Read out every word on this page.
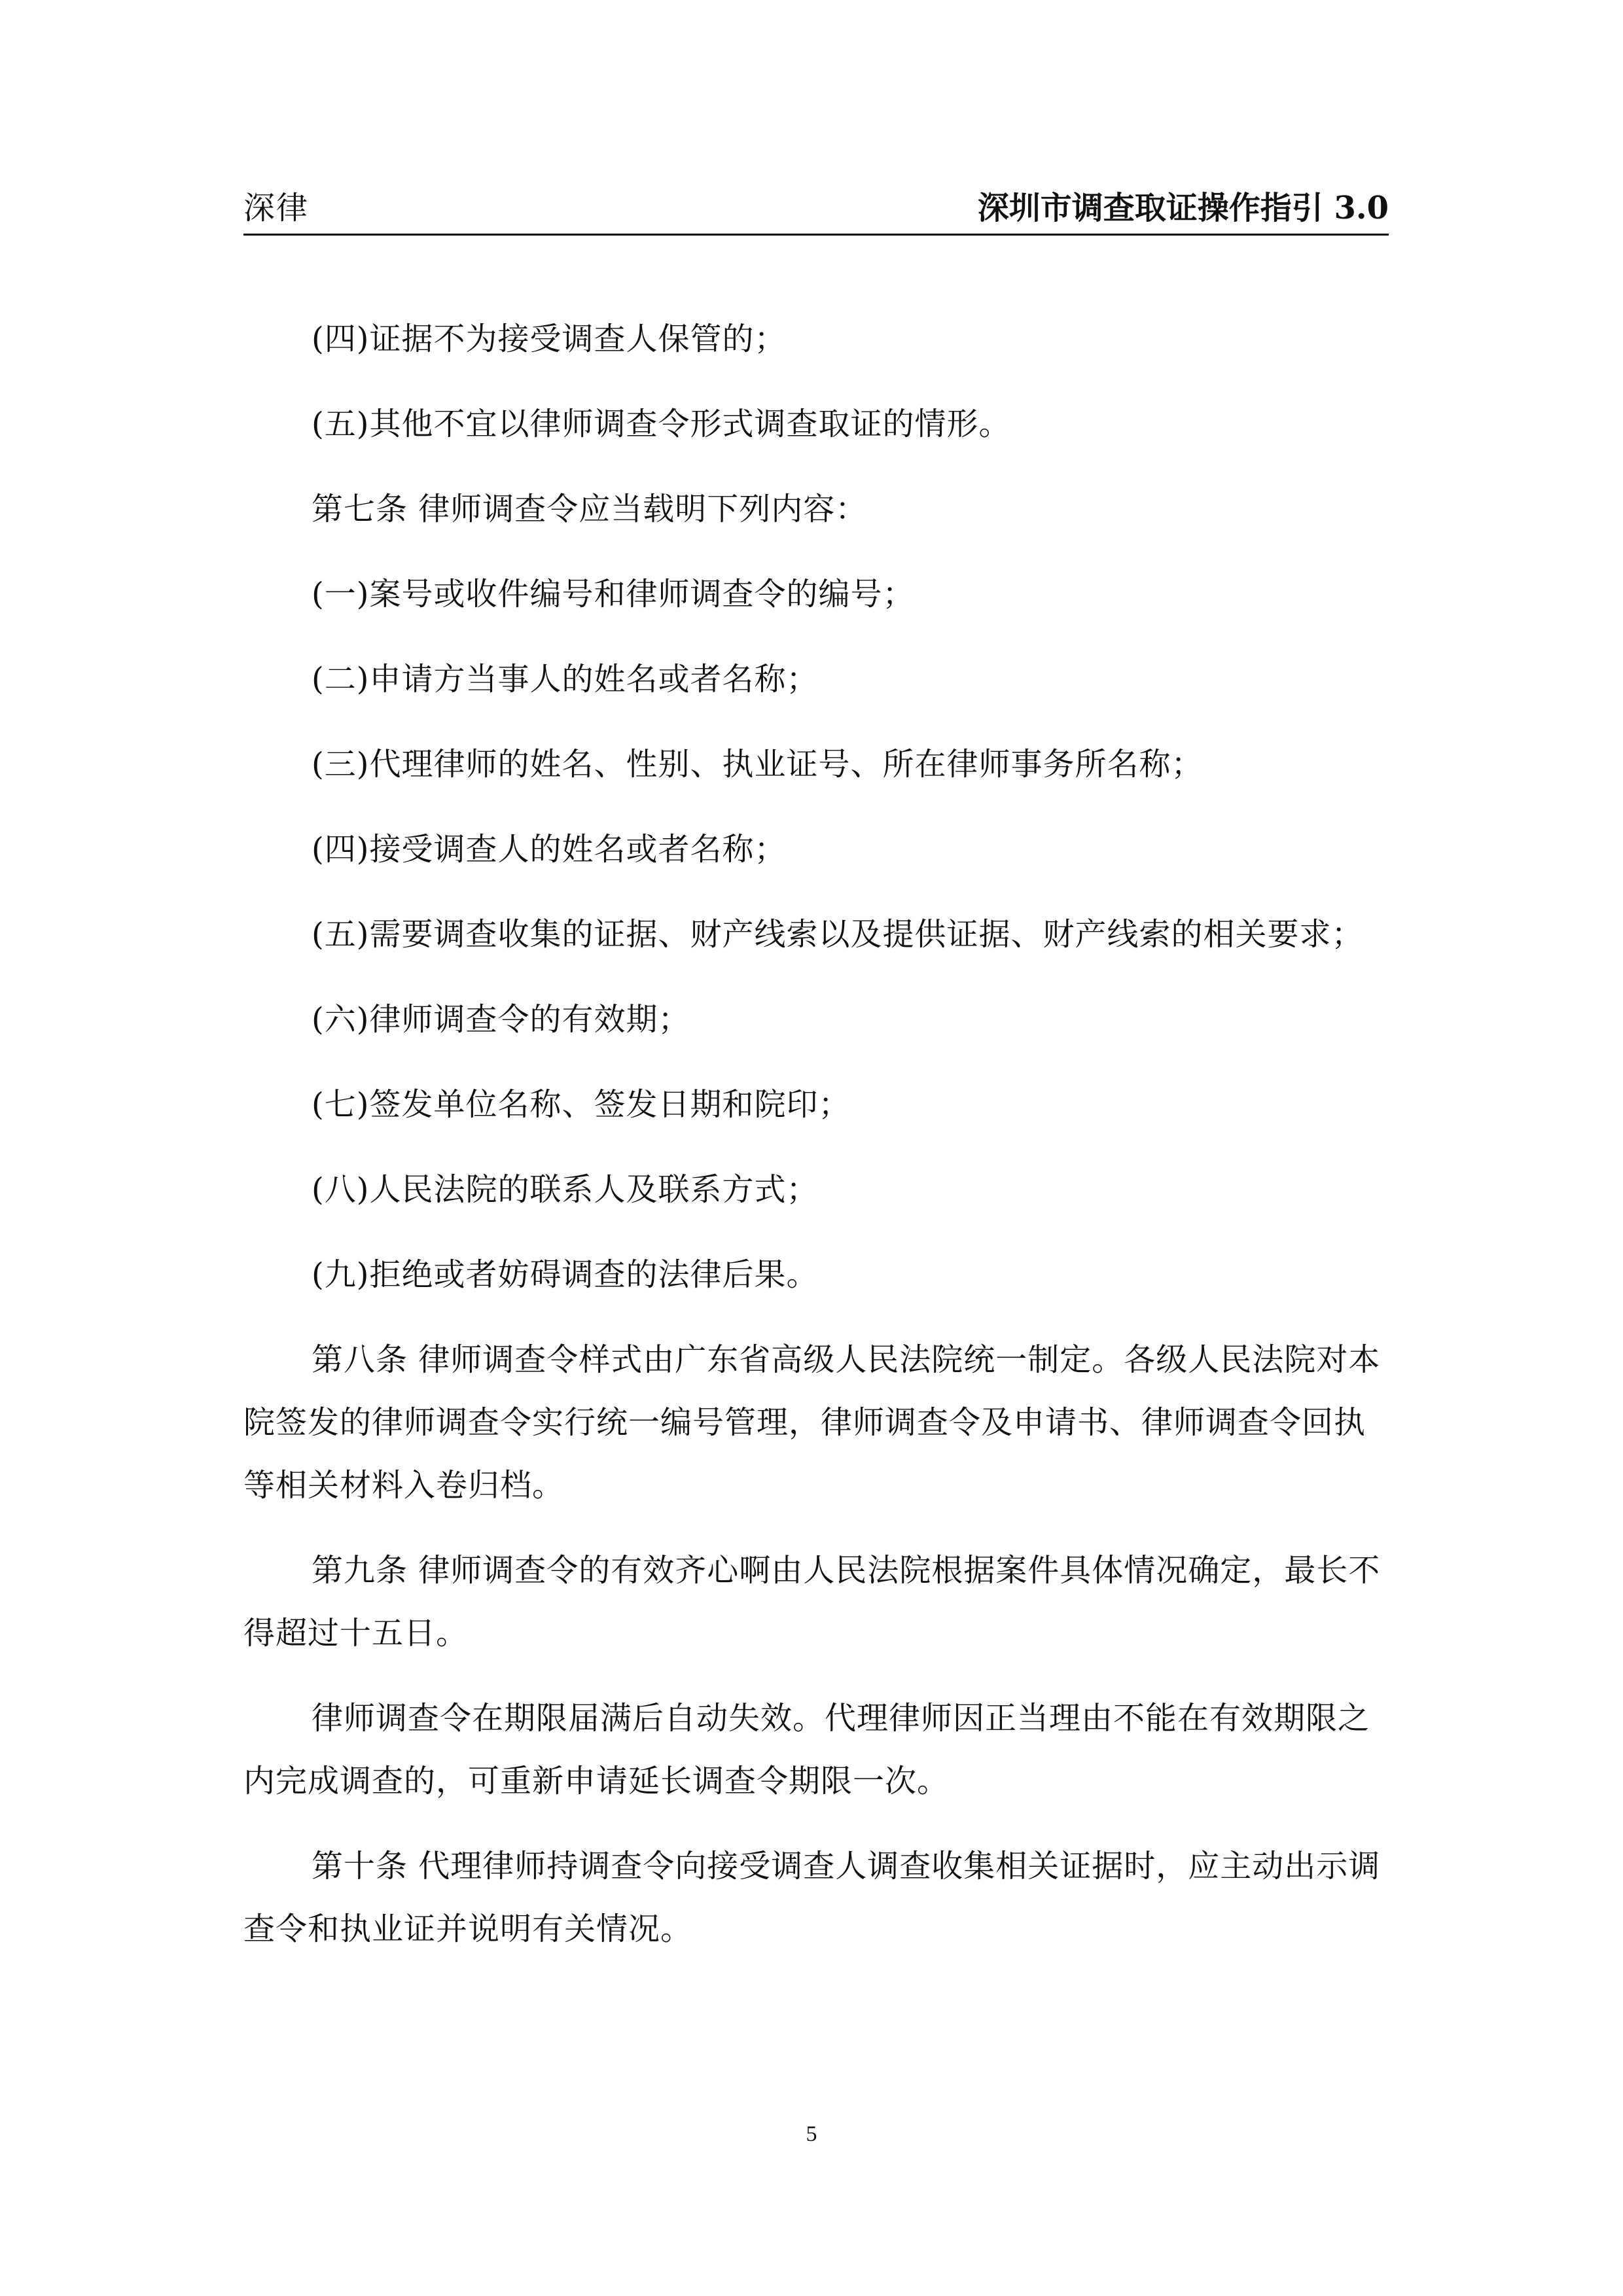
深律	深圳市调查取证操作指引 3.0

(四)证据不为接受调查人保管的；

(五)其他不宜以律师调查令形式调查取证的情形。

第七条 律师调查令应当载明下列内容：

(一)案号或收件编号和律师调查令的编号；

(二)申请方当事人的姓名或者名称；

(三)代理律师的姓名、性别、执业证号、所在律师事务所名称；

(四)接受调查人的姓名或者名称；

(五)需要调查收集的证据、财产线索以及提供证据、财产线索的相关要求；

(六)律师调查令的有效期；

(七)签发单位名称、签发日期和院印；

(八)人民法院的联系人及联系方式；

(九)拒绝或者妨碍调查的法律后果。

第八条 律师调查令样式由广东省高级人民法院统一制定。各级人民法院对本院签发的律师调查令实行统一编号管理，律师调查令及申请书、律师调查令回执等相关材料入卷归档。

第九条 律师调查令的有效齐心啊由人民法院根据案件具体情况确定，最长不得超过十五日。

律师调查令在期限届满后自动失效。代理律师因正当理由不能在有效期限之内完成调查的，可重新申请延长调查令期限一次。

第十条 代理律师持调查令向接受调查人调查收集相关证据时，应主动出示调查令和执业证并说明有关情况。

5
